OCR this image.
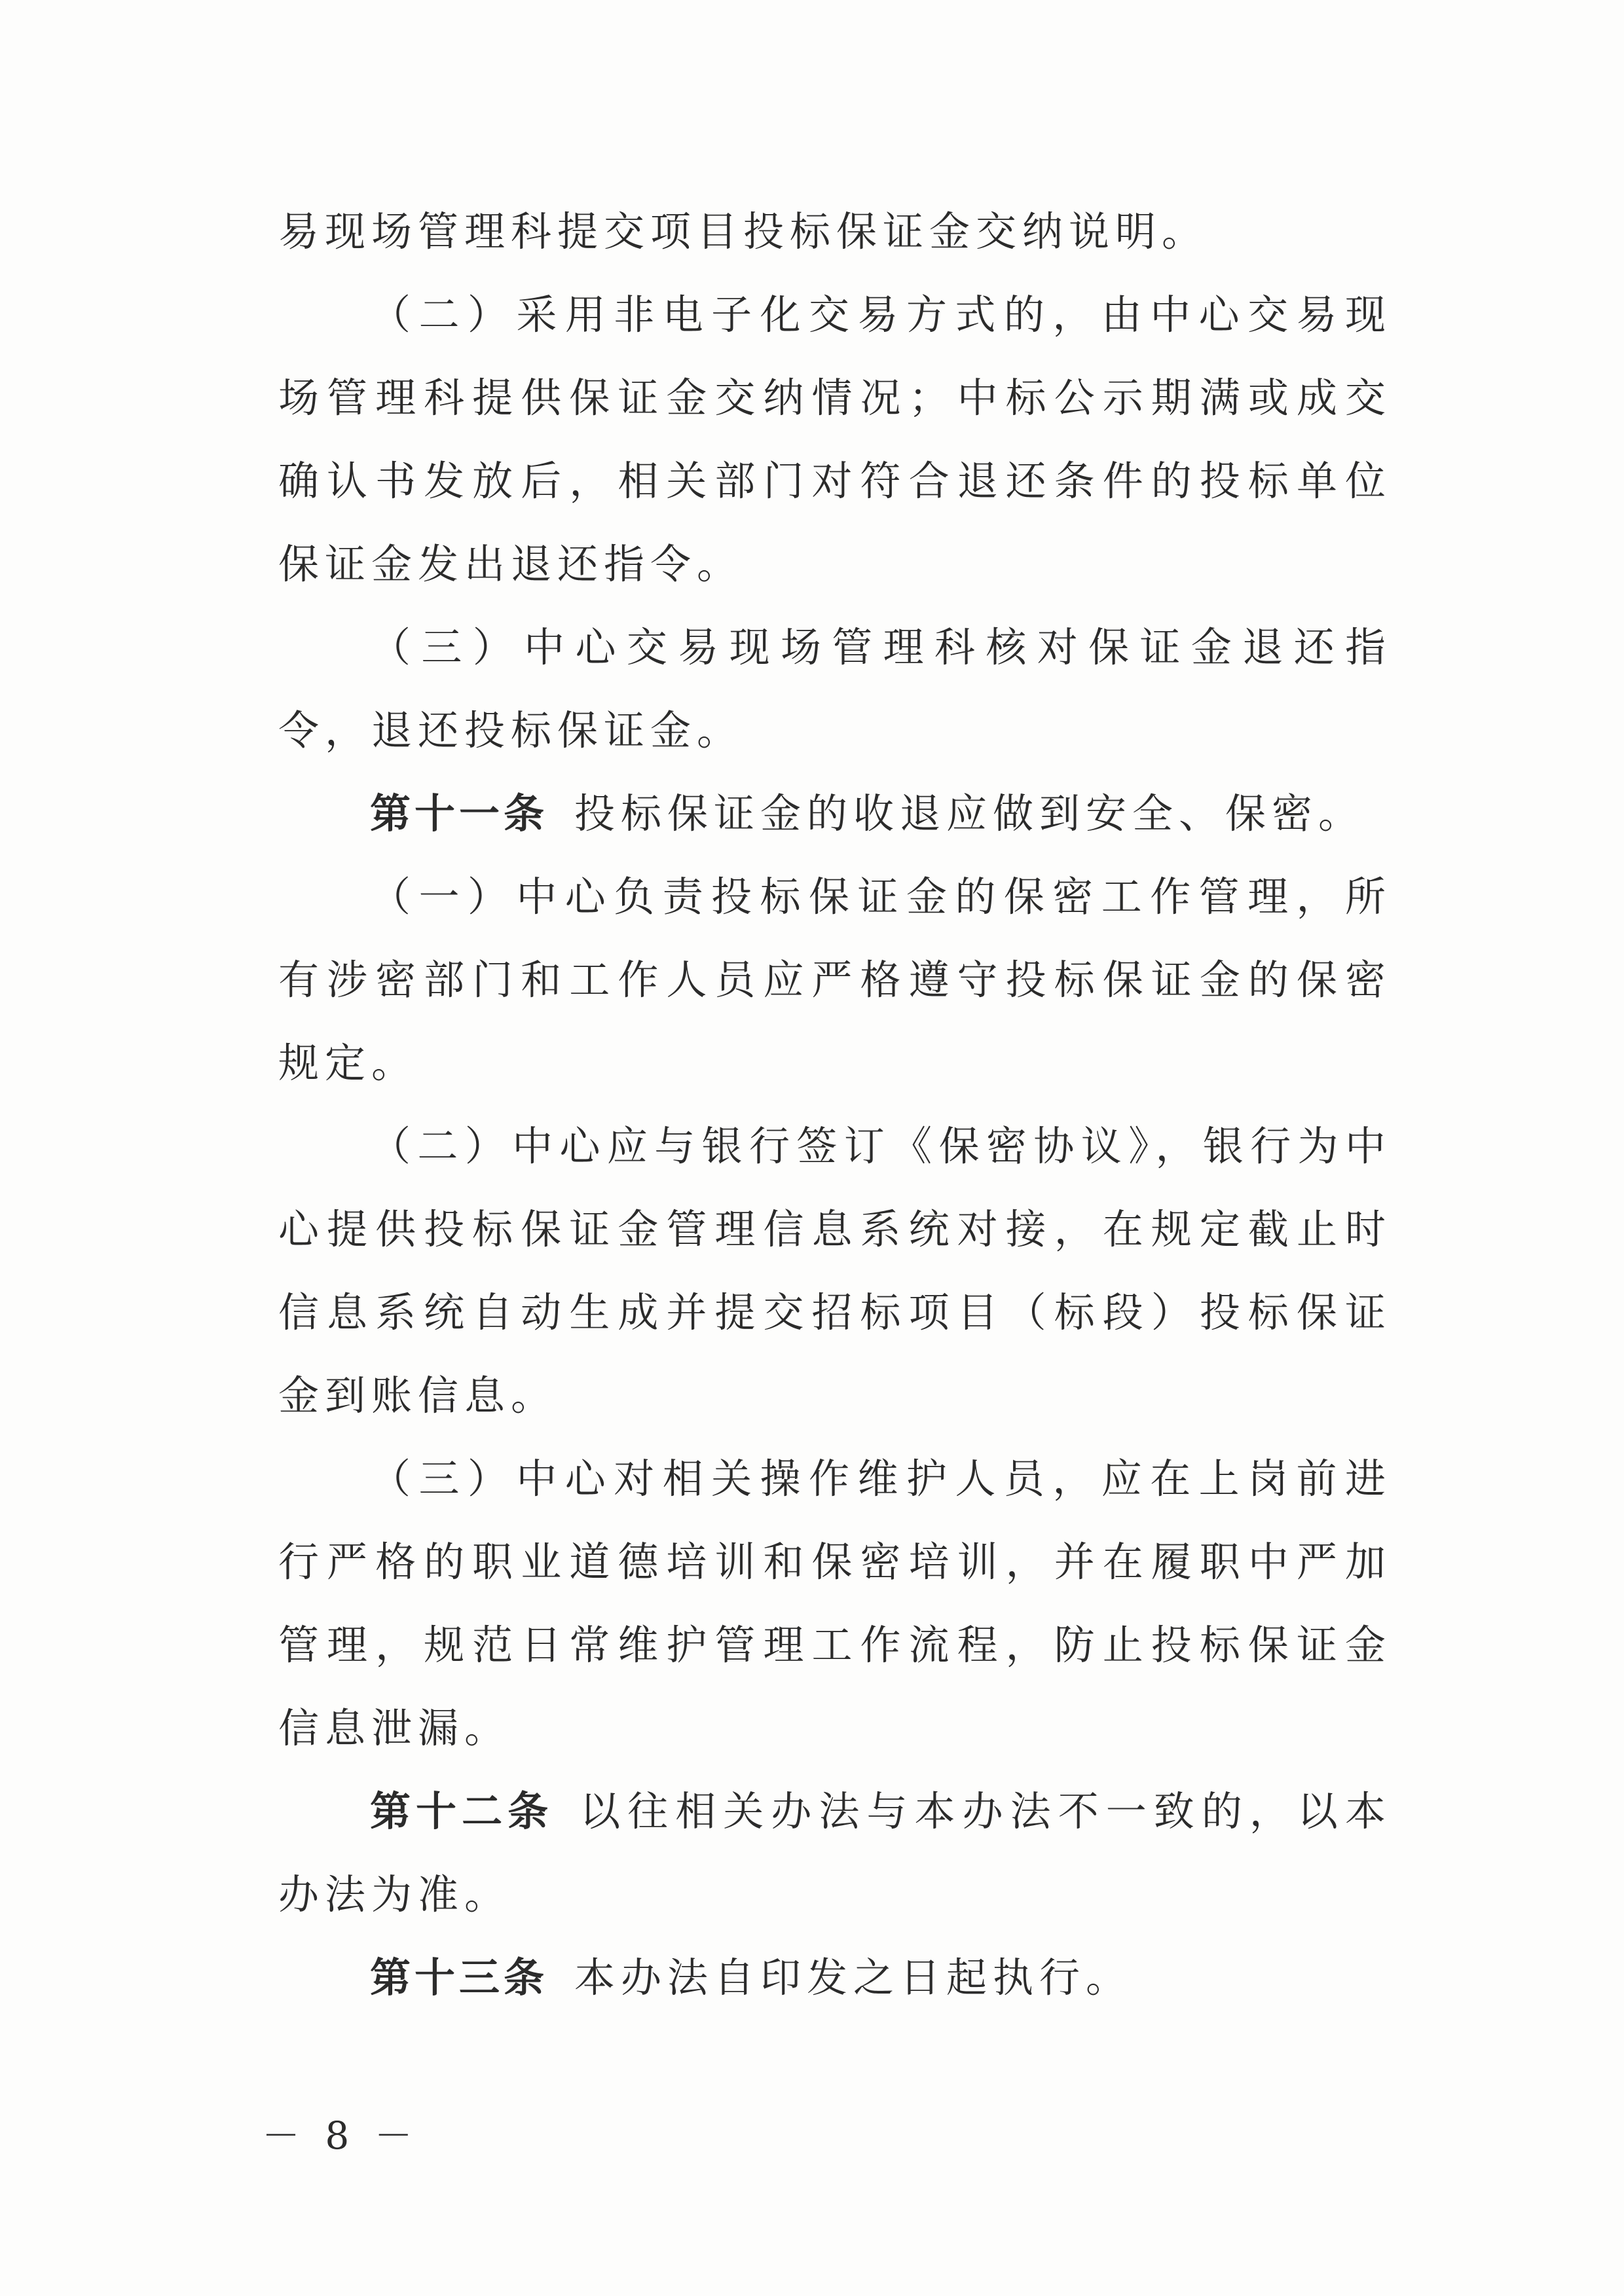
易现场管理科提交项目投标保证金交纳说明。

（二）采用非电子化交易方式的，由中心交易现场管理科提供保证金交纳情况；中标公示期满或成交确认书发放后，相关部门对符合退还条件的投标单位保证金发出退还指令。

（三）中心交易现场管理科核对保证金退还指令，退还投标保证金。

第十一条 投标保证金的收退应做到安全、保密。

（一）中心负责投标保证金的保密工作管理，所有涉密部门和工作人员应严格遵守投标保证金的保密规定。

（二）中心应与银行签订《保密协议》，银行为中心提供投标保证金管理信息系统对接，在规定截止时信息系统自动生成并提交招标项目（标段）投标保证金到账信息。

（三）中心对相关操作维护人员，应在上岗前进行严格的职业道德培训和保密培训，并在履职中严加管理，规范日常维护管理工作流程，防止投标保证金信息泄漏。

第十二条 以往相关办法与本办法不一致的，以本办法为准。

第十三条 本办法自印发之日起执行。

－ 8 －
